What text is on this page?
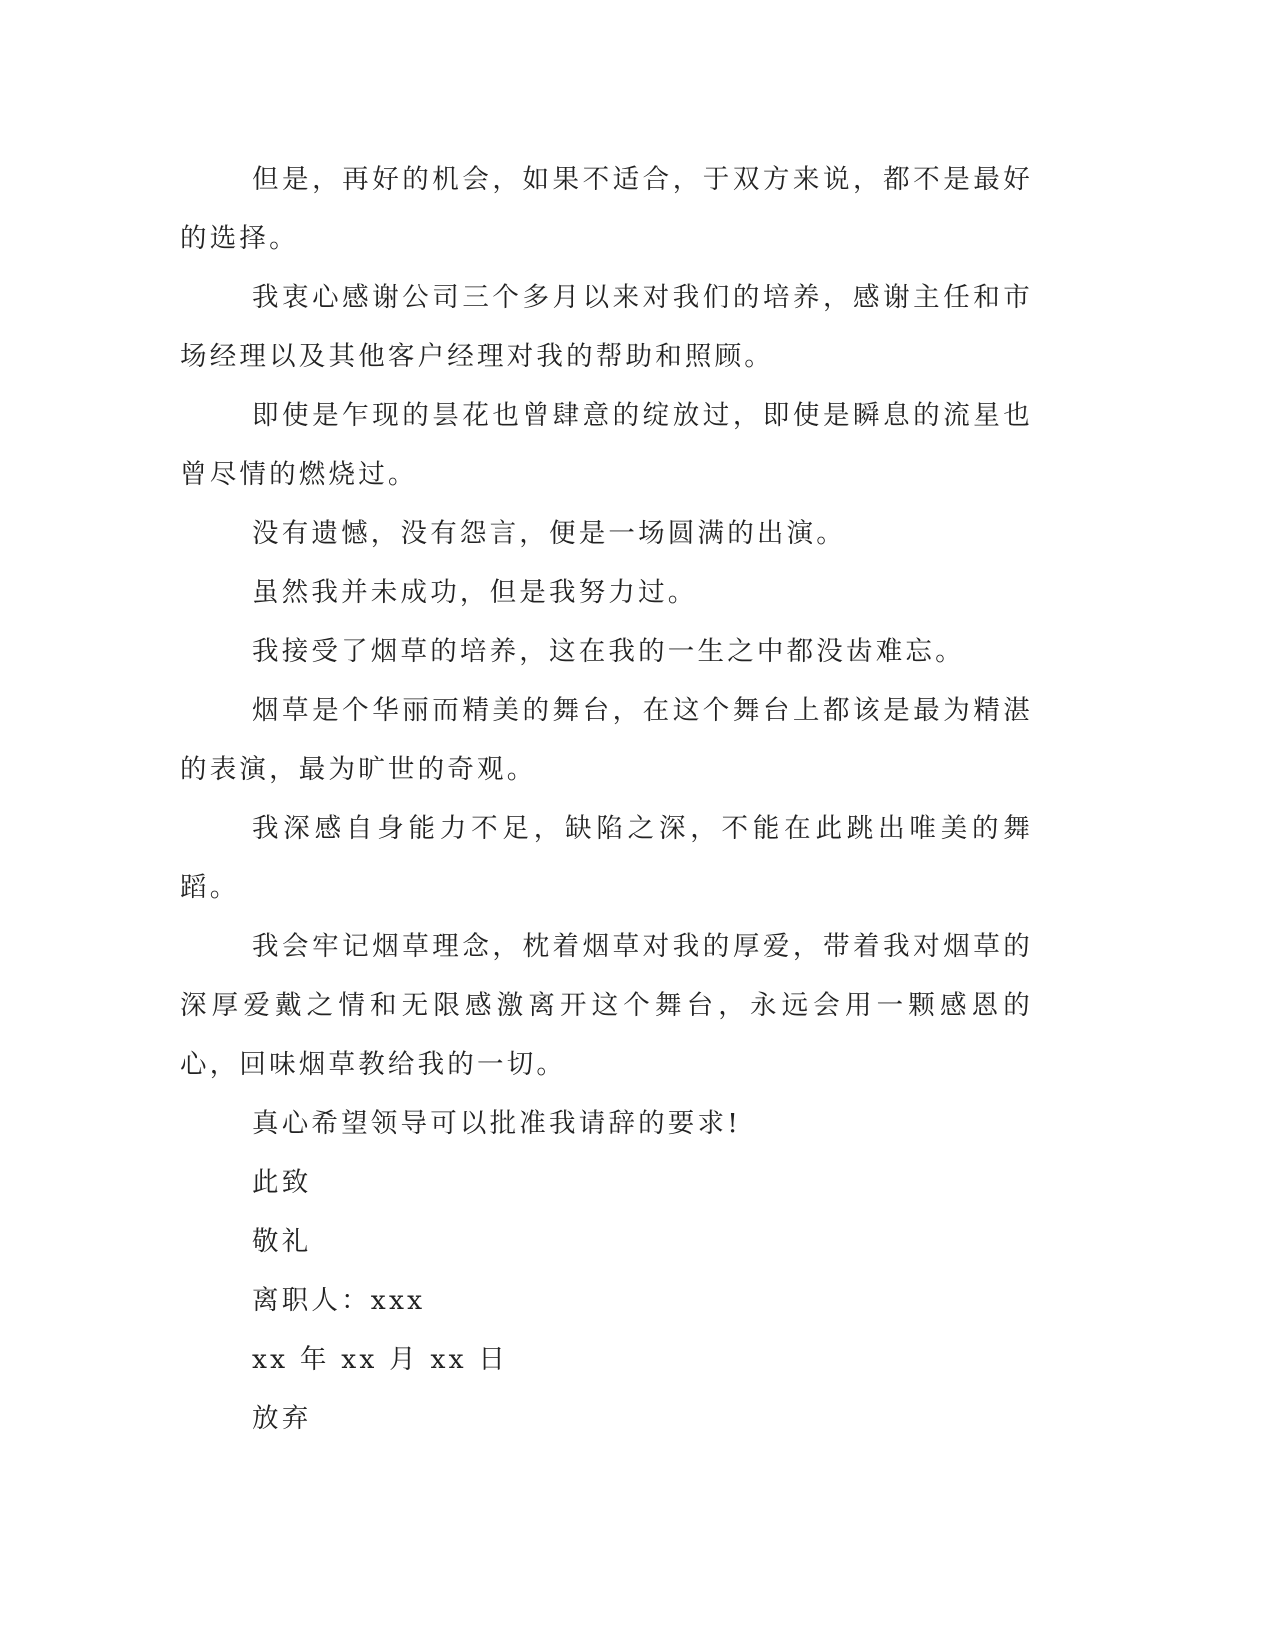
但是，再好的机会，如果不适合，于双方来说，都不是最好的选择。

我衷心感谢公司三个多月以来对我们的培养，感谢主任和市场经理以及其他客户经理对我的帮助和照顾。

即使是乍现的昙花也曾肆意的绽放过，即使是瞬息的流星也曾尽情的燃烧过。

没有遗憾，没有怨言，便是一场圆满的出演。

虽然我并未成功，但是我努力过。

我接受了烟草的培养，这在我的一生之中都没齿难忘。

烟草是个华丽而精美的舞台，在这个舞台上都该是最为精湛的表演，最为旷世的奇观。

我深感自身能力不足，缺陷之深，不能在此跳出唯美的舞蹈。

我会牢记烟草理念，枕着烟草对我的厚爱，带着我对烟草的深厚爱戴之情和无限感激离开这个舞台，永远会用一颗感恩的心，回味烟草教给我的一切。

真心希望领导可以批准我请辞的要求!

此致

敬礼

离职人：xxx

xx 年 xx 月 xx 日

放弃
